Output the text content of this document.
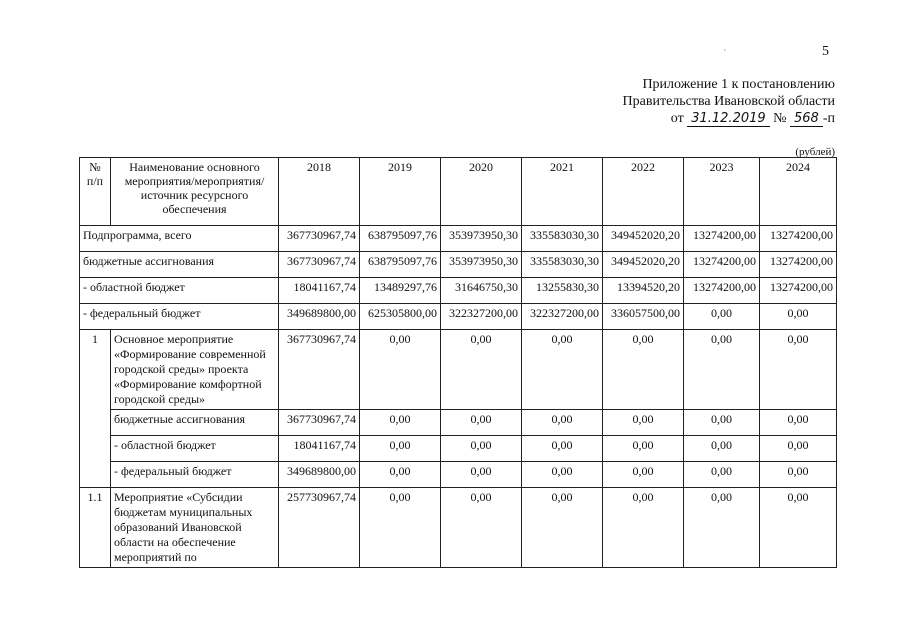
5
Приложение 1 к постановлению
Правительства Ивановской области
от 31.12.2019 № 568 -п
(рублей)
'
№ п/п	Наименование основного мероприятия/мероприятия/ источник ресурсного обеспечения	2018	2019	2020	2021	2022	2023	2024
Подпрограмма, всего		367730967,74	638795097,76	353973950,30	335583030,30	349452020,20	13274200,00	13274200,00
бюджетные ассигнования		367730967,74	638795097,76	353973950,30	335583030,30	349452020,20	13274200,00	13274200,00
- областной бюджет		18041167,74	13489297,76	31646750,30	13255830,30	13394520,20	13274200,00	13274200,00
- федеральный бюджет		349689800,00	625305800,00	322327200,00	322327200,00	336057500,00	0,00	0,00
1	Основное мероприятие «Формирование современной городской среды» проекта «Формирование комфортной городской среды»	367730967,74	0,00	0,00	0,00	0,00	0,00	0,00
	бюджетные ассигнования	367730967,74	0,00	0,00	0,00	0,00	0,00	0,00
	- областной бюджет	18041167,74	0,00	0,00	0,00	0,00	0,00	0,00
	- федеральный бюджет	349689800,00	0,00	0,00	0,00	0,00	0,00	0,00
1.1	Мероприятие «Субсидии бюджетам муниципальных образований Ивановской области на обеспечение мероприятий по	257730967,74	0,00	0,00	0,00	0,00	0,00	0,00
